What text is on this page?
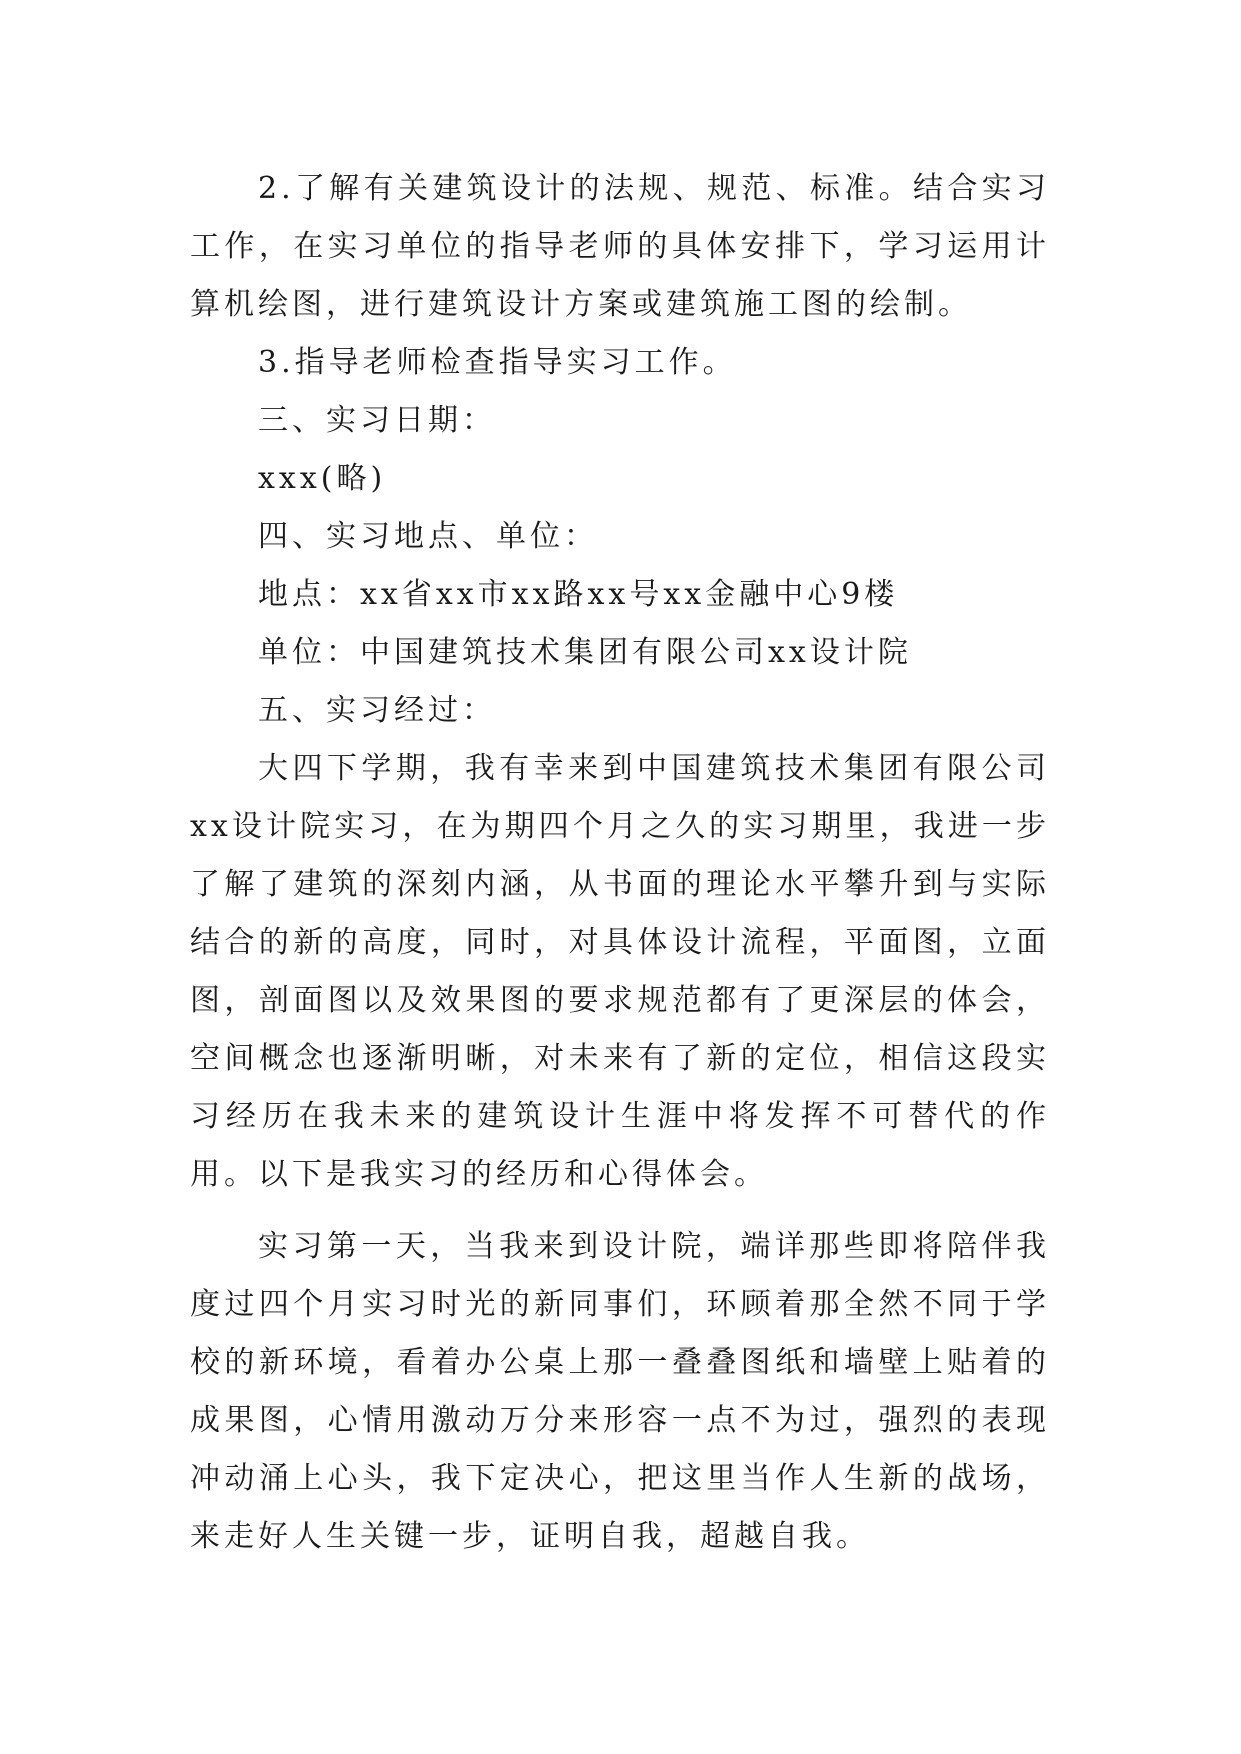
2.了解有关建筑设计的法规、规范、标准。结合实习工作，在实习单位的指导老师的具体安排下，学习运用计算机绘图，进行建筑设计方案或建筑施工图的绘制。

3.指导老师检查指导实习工作。

三、实习日期：

xxx(略)

四、实习地点、单位：

地点：xx省xx市xx路xx号xx金融中心9楼

单位：中国建筑技术集团有限公司xx设计院

五、实习经过：

大四下学期，我有幸来到中国建筑技术集团有限公司xx设计院实习，在为期四个月之久的实习期里，我进一步了解了建筑的深刻内涵，从书面的理论水平攀升到与实际结合的新的高度，同时，对具体设计流程，平面图，立面图，剖面图以及效果图的要求规范都有了更深层的体会，空间概念也逐渐明晰，对未来有了新的定位，相信这段实习经历在我未来的建筑设计生涯中将发挥不可替代的作用。以下是我实习的经历和心得体会。

实习第一天，当我来到设计院，端详那些即将陪伴我度过四个月实习时光的新同事们，环顾着那全然不同于学校的新环境，看着办公桌上那一叠叠图纸和墙壁上贴着的成果图，心情用激动万分来形容一点不为过，强烈的表现冲动涌上心头，我下定决心，把这里当作人生新的战场，来走好人生关键一步，证明自我，超越自我。
